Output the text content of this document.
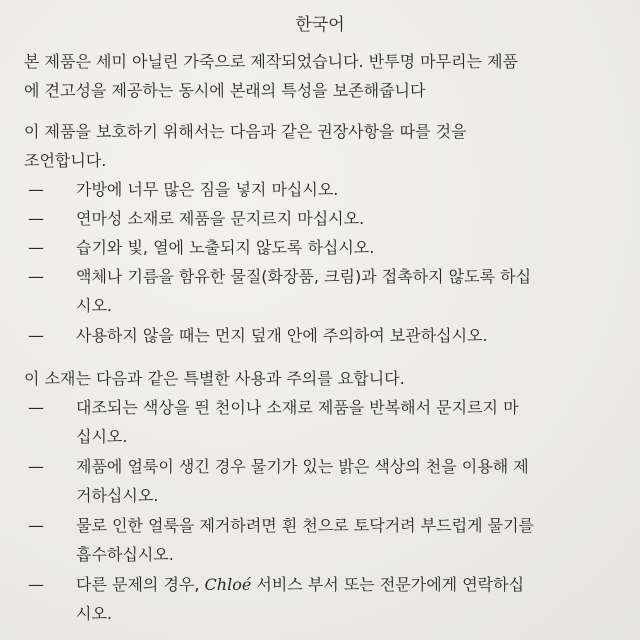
한국어
본 제품은 세미 아닐린 가죽으로 제작되었습니다. 반투명 마무리는 제품
에 견고성을 제공하는 동시에 본래의 특성을 보존해줍니다
이 제품을 보호하기 위해서는 다음과 같은 권장사항을 따를 것을
조언합니다.
—	가방에 너무 많은 짐을 넣지 마십시오.
—	연마성 소재로 제품을 문지르지 마십시오.
—	습기와 빛, 열에 노출되지 않도록 하십시오.
—	액체나 기름을 함유한 물질(화장품, 크림)과 접촉하지 않도록 하십
시오.
—	사용하지 않을 때는 먼지 덮개 안에 주의하여 보관하십시오.
이 소재는 다음과 같은 특별한 사용과 주의를 요합니다.
—	대조되는 색상을 띈 천이나 소재로 제품을 반복해서 문지르지 마
십시오.
—	제품에 얼룩이 생긴 경우 물기가 있는 밝은 색상의 천을 이용해 제
거하십시오.
—	물로 인한 얼룩을 제거하려면 흰 천으로 토닥거려 부드럽게 물기를
흡수하십시오.
—	다른 문제의 경우, Chloé 서비스 부서 또는 전문가에게 연락하십
시오.
